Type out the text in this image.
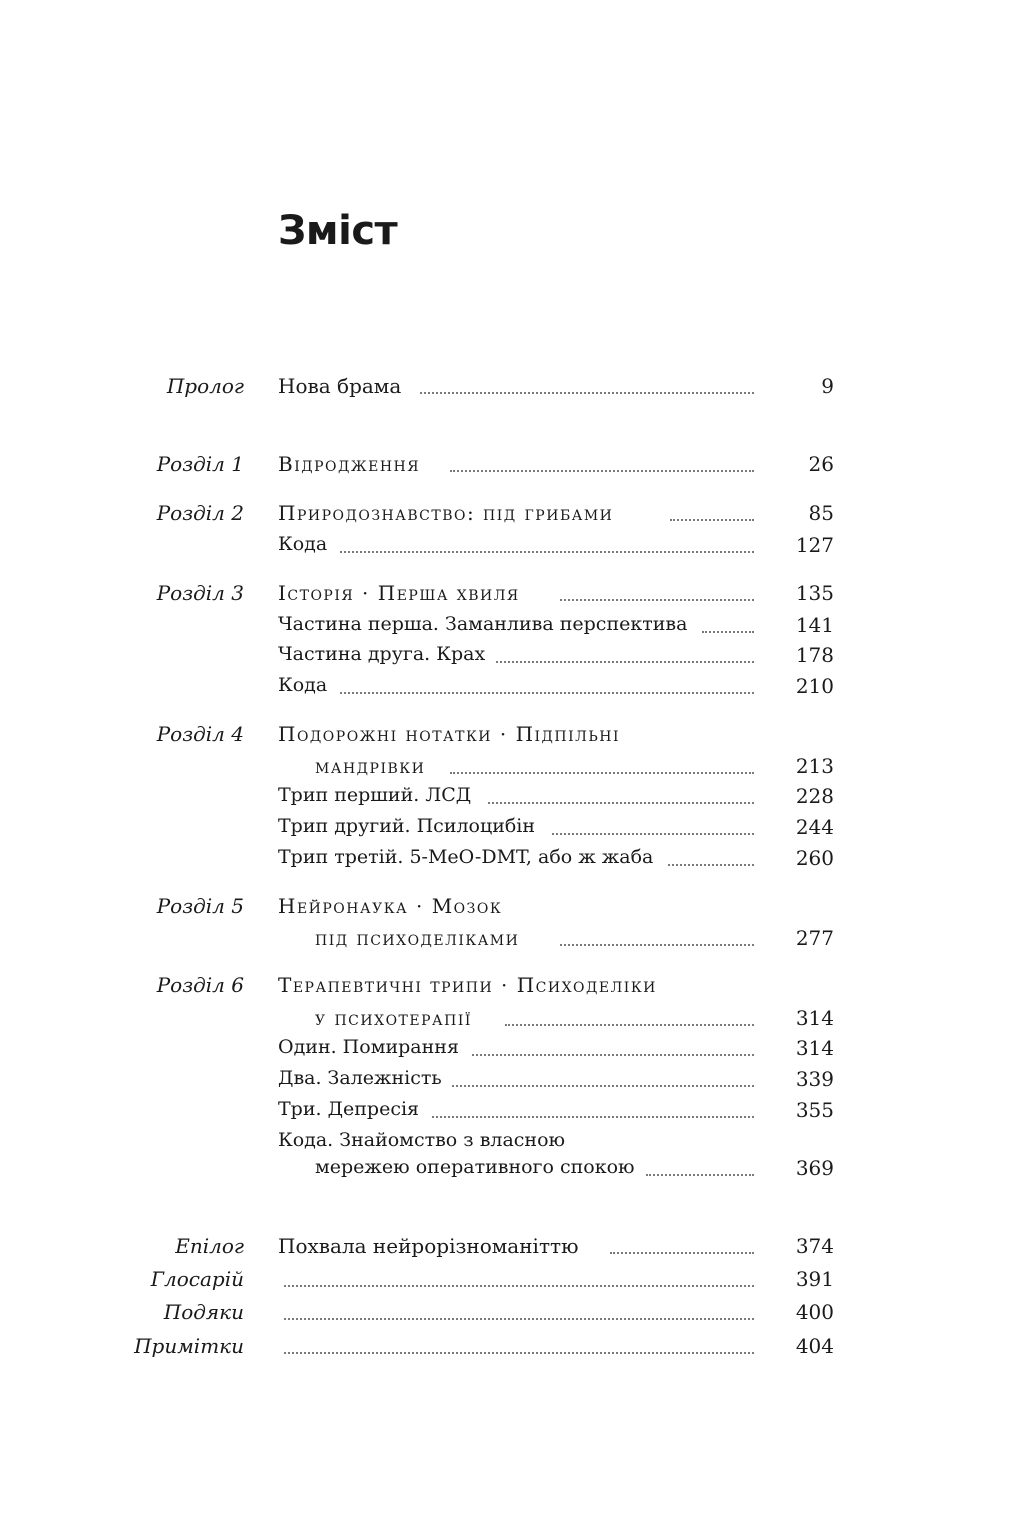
Зміст
Пролог Нова брама	9
Розділ 1 Відродження	26
Розділ 2 Природознавство: під грибами	85
Кода	127
Розділ 3 Історія · Перша хвиля	135
Частина перша. Заманлива перспектива	141
Частина друга. Крах	178
Кода	210
Розділ 4 Подорожні нотатки · Підпільні
мандрівки	213
Трип перший. ЛСД	228
Трип другий. Псилоцибін	244
Трип третій. 5-MeO-DMT, або ж жаба	260
Розділ 5 Нейронаука · Мозок
під психоделіками	277
Розділ 6 Терапевтичні трипи · Психоделіки
у психотерапії	314
Один. Помирання	314
Два. Залежність	339
Три. Депресія	355
Кода. Знайомство з власною
мережею оперативного спокою	369
Епілог Похвала нейрорізноманіттю	374
Глосарій	391
Подяки	400
Примітки	404
